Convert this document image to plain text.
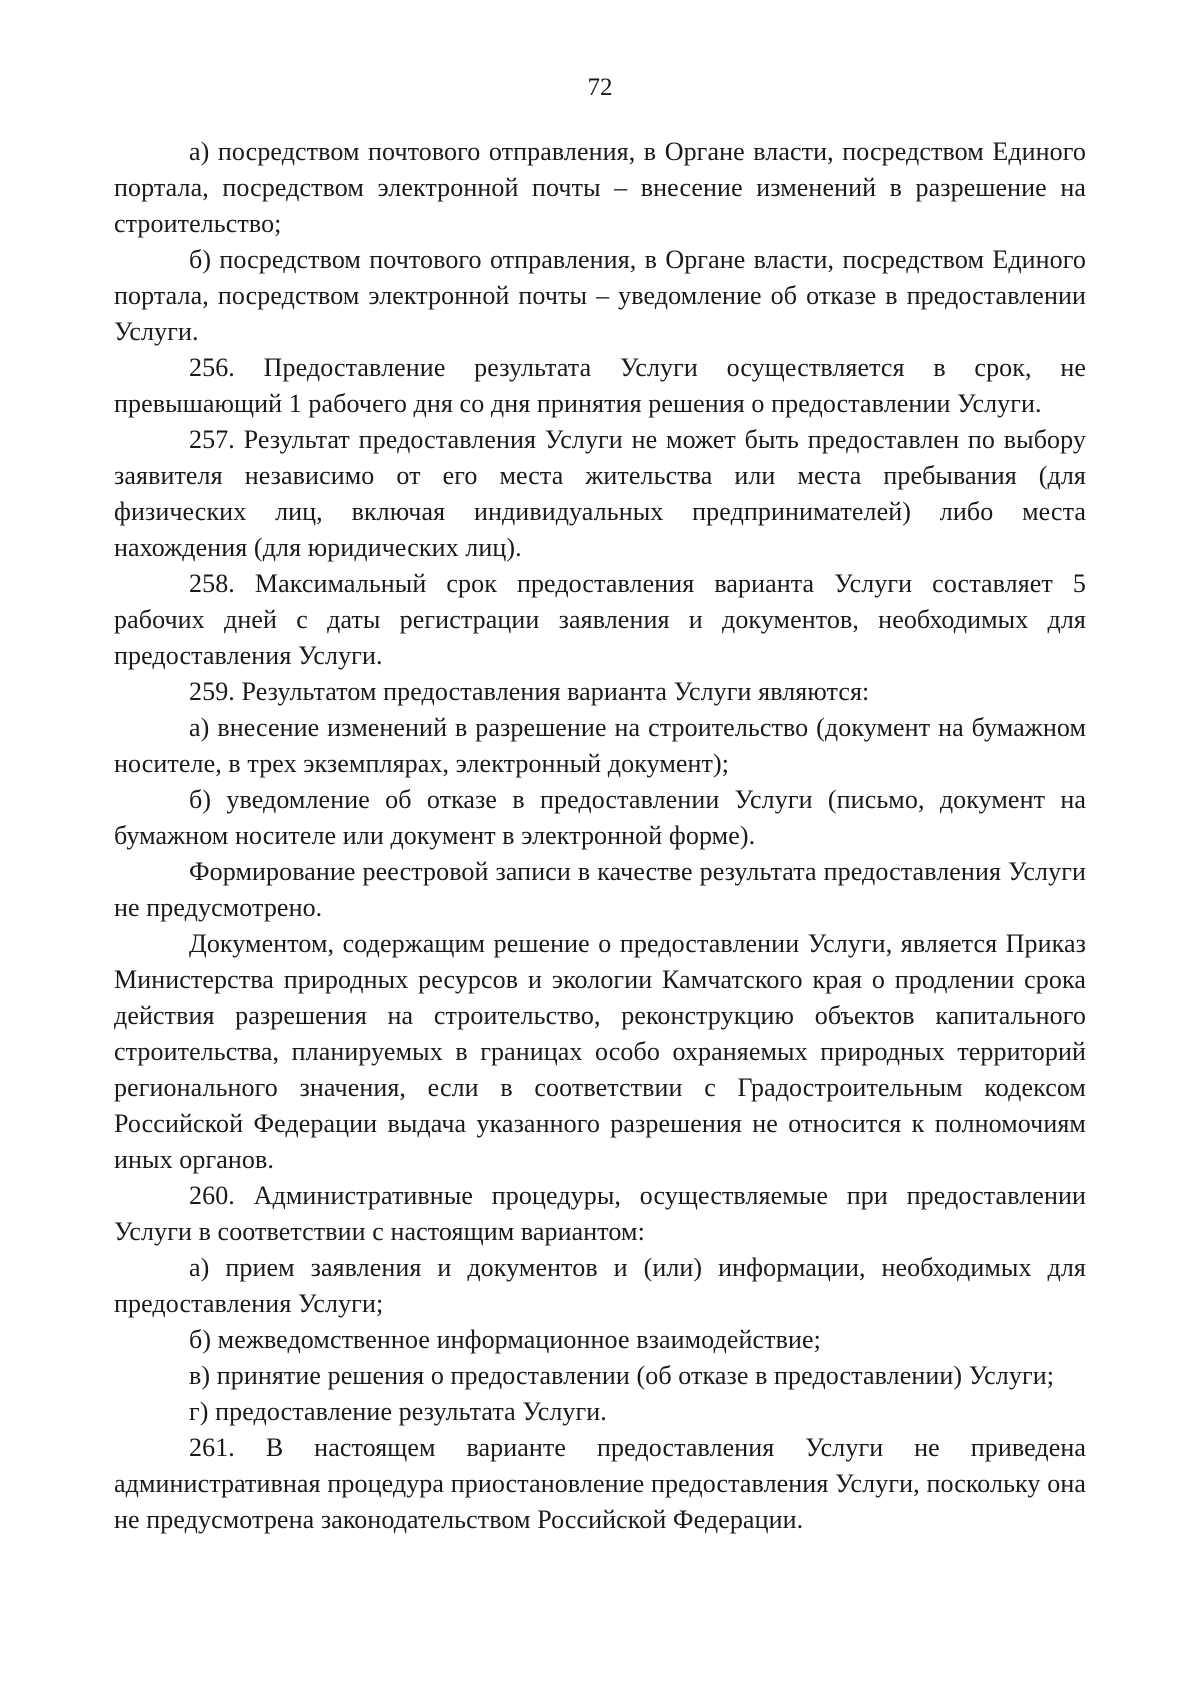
72

а) посредством почтового отправления, в Органе власти, посредством Единого портала, посредством электронной почты – внесение изменений в разрешение на строительство;

б) посредством почтового отправления, в Органе власти, посредством Единого портала, посредством электронной почты – уведомление об отказе в предоставлении Услуги.

256. Предоставление результата Услуги осуществляется в срок, не превышающий 1 рабочего дня со дня принятия решения о предоставлении Услуги.

257. Результат предоставления Услуги не может быть предоставлен по выбору заявителя независимо от его места жительства или места пребывания (для физических лиц, включая индивидуальных предпринимателей) либо места нахождения (для юридических лиц).

258. Максимальный срок предоставления варианта Услуги составляет 5 рабочих дней с даты регистрации заявления и документов, необходимых для предоставления Услуги.

259. Результатом предоставления варианта Услуги являются:

а) внесение изменений в разрешение на строительство (документ на бумажном носителе, в трех экземплярах, электронный документ);

б) уведомление об отказе в предоставлении Услуги (письмо, документ на бумажном носителе или документ в электронной форме).

Формирование реестровой записи в качестве результата предоставления Услуги не предусмотрено.

Документом, содержащим решение о предоставлении Услуги, является Приказ Министерства природных ресурсов и экологии Камчатского края о продлении срока действия разрешения на строительство, реконструкцию объектов капитального строительства, планируемых в границах особо охраняемых природных территорий регионального значения, если в соответствии с Градостроительным кодексом Российской Федерации выдача указанного разрешения не относится к полномочиям иных органов.

260. Административные процедуры, осуществляемые при предоставлении Услуги в соответствии с настоящим вариантом:

а) прием заявления и документов и (или) информации, необходимых для предоставления Услуги;

б) межведомственное информационное взаимодействие;

в) принятие решения о предоставлении (об отказе в предоставлении) Услуги;

г) предоставление результата Услуги.

261. В настоящем варианте предоставления Услуги не приведена административная процедура приостановление предоставления Услуги, поскольку она не предусмотрена законодательством Российской Федерации.
